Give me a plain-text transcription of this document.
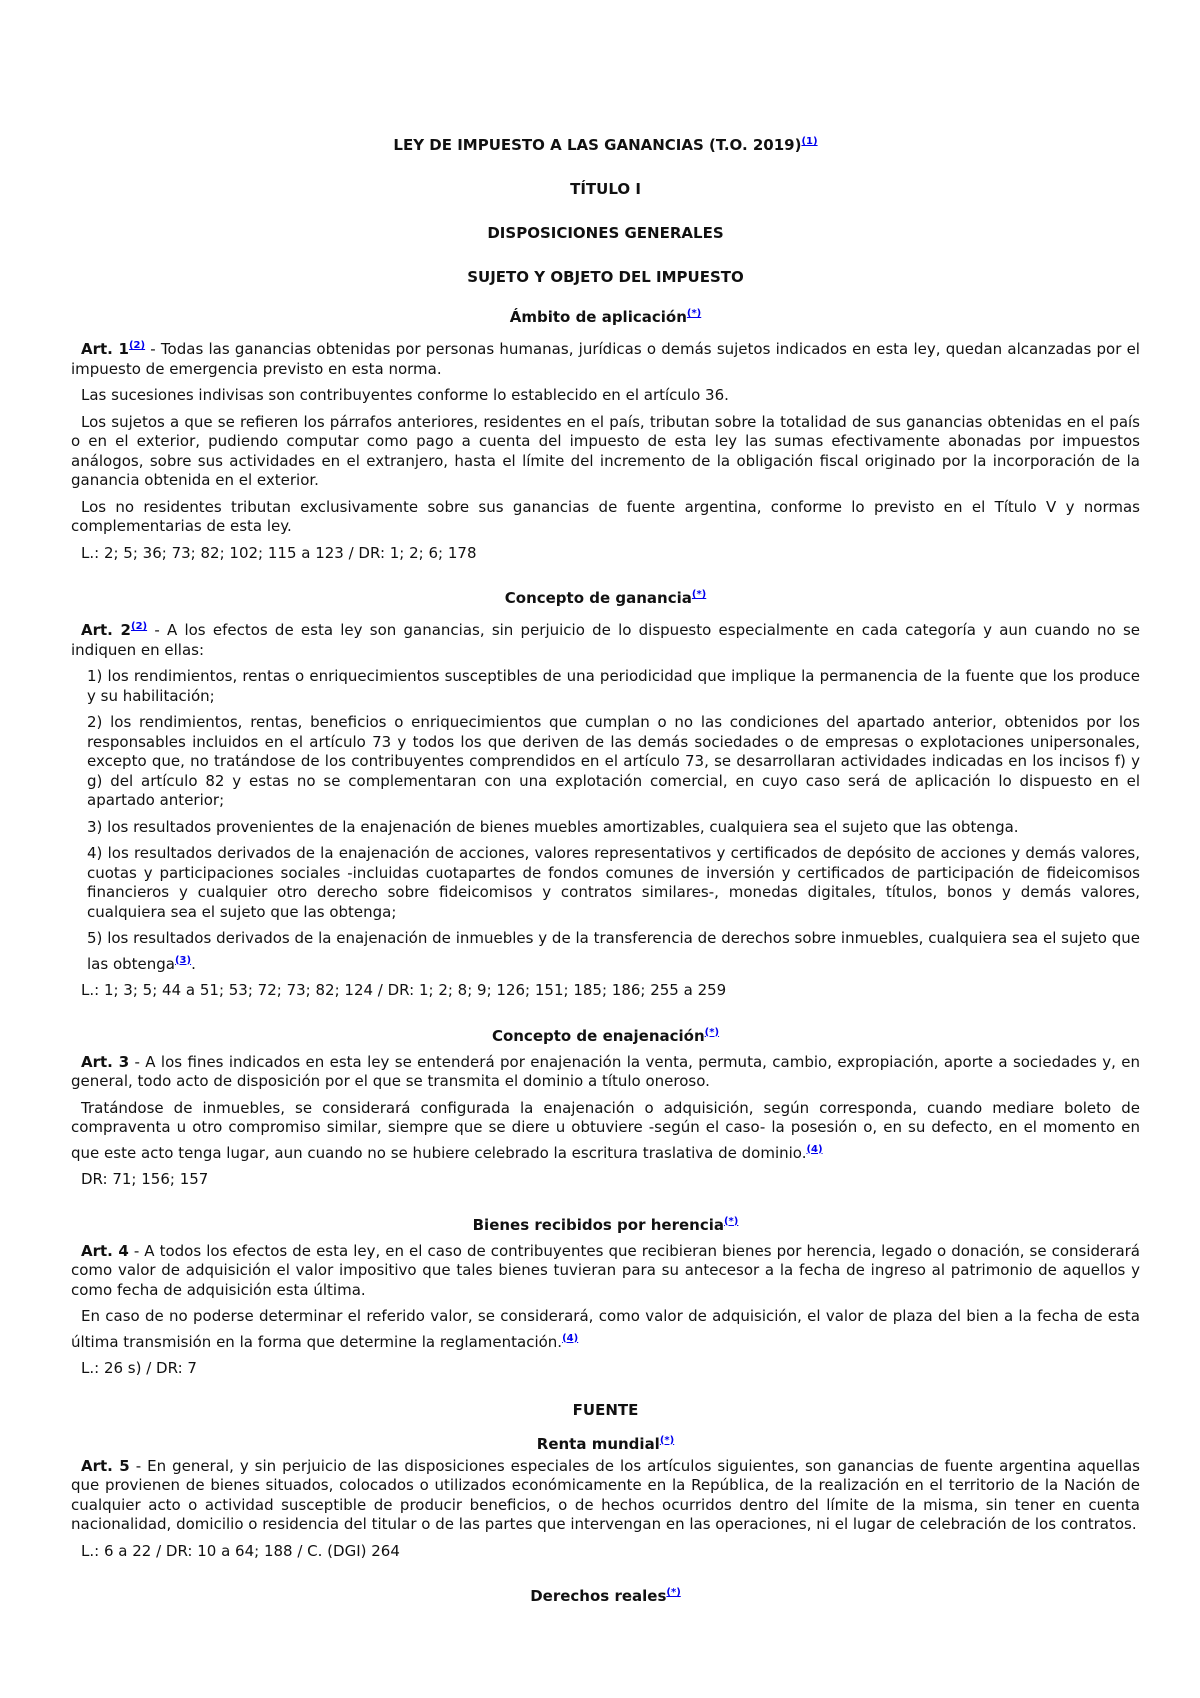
LEY DE IMPUESTO A LAS GANANCIAS (T.O. 2019)$^{(1)}$

TÍTULO I

DISPOSICIONES GENERALES

SUJETO Y OBJETO DEL IMPUESTO

Ámbito de aplicación(*)

Art. 1$^{(2)}$ - Todas las ganancias obtenidas por personas humanas, jurídicas o demás sujetos indicados en esta ley, quedan alcanzadas por el impuesto de emergencia previsto en esta norma.

Las sucesiones indivisas son contribuyentes conforme lo establecido en el artículo 36.

Los sujetos a que se refieren los párrafos anteriores, residentes en el país, tributan sobre la totalidad de sus ganancias obtenidas en el país o en el exterior, pudiendo computar como pago a cuenta del impuesto de esta ley las sumas efectivamente abonadas por impuestos análogos, sobre sus actividades en el extranjero, hasta el límite del incremento de la obligación fiscal originado por la incorporación de la ganancia obtenida en el exterior.

Los no residentes tributan exclusivamente sobre sus ganancias de fuente argentina, conforme lo previsto en el Título V y normas complementarias de esta ley.

L.: 2; 5; 36; 73; 82; 102; 115 a 123 / DR: 1; 2; 6; 178

Concepto de ganancia(*)

Art. 2$^{(2)}$ - A los efectos de esta ley son ganancias, sin perjuicio de lo dispuesto especialmente en cada categoría y aun cuando no se indiquen en ellas:

1) los rendimientos, rentas o enriquecimientos susceptibles de una periodicidad que implique la permanencia de la fuente que los produce y su habilitación;

2) los rendimientos, rentas, beneficios o enriquecimientos que cumplan o no las condiciones del apartado anterior, obtenidos por los responsables incluidos en el artículo 73 y todos los que deriven de las demás sociedades o de empresas o explotaciones unipersonales, excepto que, no tratándose de los contribuyentes comprendidos en el artículo 73, se desarrollaran actividades indicadas en los incisos f) y g) del artículo 82 y estas no se complementaran con una explotación comercial, en cuyo caso será de aplicación lo dispuesto en el apartado anterior;

3) los resultados provenientes de la enajenación de bienes muebles amortizables, cualquiera sea el sujeto que las obtenga.

4) los resultados derivados de la enajenación de acciones, valores representativos y certificados de depósito de acciones y demás valores, cuotas y participaciones sociales -incluidas cuotapartes de fondos comunes de inversión y certificados de participación de fideicomisos financieros y cualquier otro derecho sobre fideicomisos y contratos similares-, monedas digitales, títulos, bonos y demás valores, cualquiera sea el sujeto que las obtenga;

5) los resultados derivados de la enajenación de inmuebles y de la transferencia de derechos sobre inmuebles, cualquiera sea el sujeto que las obtenga$^{(3)}$.

L.: 1; 3; 5; 44 a 51; 53; 72; 73; 82; 124 / DR: 1; 2; 8; 9; 126; 151; 185; 186; 255 a 259

Concepto de enajenación(*)

Art. 3 - A los fines indicados en esta ley se entenderá por enajenación la venta, permuta, cambio, expropiación, aporte a sociedades y, en general, todo acto de disposición por el que se transmita el dominio a título oneroso.

Tratándose de inmuebles, se considerará configurada la enajenación o adquisición, según corresponda, cuando mediare boleto de compraventa u otro compromiso similar, siempre que se diere u obtuviere -según el caso- la posesión o, en su defecto, en el momento en que este acto tenga lugar, aun cuando no se hubiere celebrado la escritura traslativa de dominio.$^{(4)}$

DR: 71; 156; 157

Bienes recibidos por herencia(*)

Art. 4 - A todos los efectos de esta ley, en el caso de contribuyentes que recibieran bienes por herencia, legado o donación, se considerará como valor de adquisición el valor impositivo que tales bienes tuvieran para su antecesor a la fecha de ingreso al patrimonio de aquellos y como fecha de adquisición esta última.

En caso de no poderse determinar el referido valor, se considerará, como valor de adquisición, el valor de plaza del bien a la fecha de esta última transmisión en la forma que determine la reglamentación.$^{(4)}$

L.: 26 s) / DR: 7

FUENTE

Renta mundial(*)

Art. 5 - En general, y sin perjuicio de las disposiciones especiales de los artículos siguientes, son ganancias de fuente argentina aquellas que provienen de bienes situados, colocados o utilizados económicamente en la República, de la realización en el territorio de la Nación de cualquier acto o actividad susceptible de producir beneficios, o de hechos ocurridos dentro del límite de la misma, sin tener en cuenta nacionalidad, domicilio o residencia del titular o de las partes que intervengan en las operaciones, ni el lugar de celebración de los contratos.

L.: 6 a 22 / DR: 10 a 64; 188 / C. (DGI) 264

Derechos reales(*)
